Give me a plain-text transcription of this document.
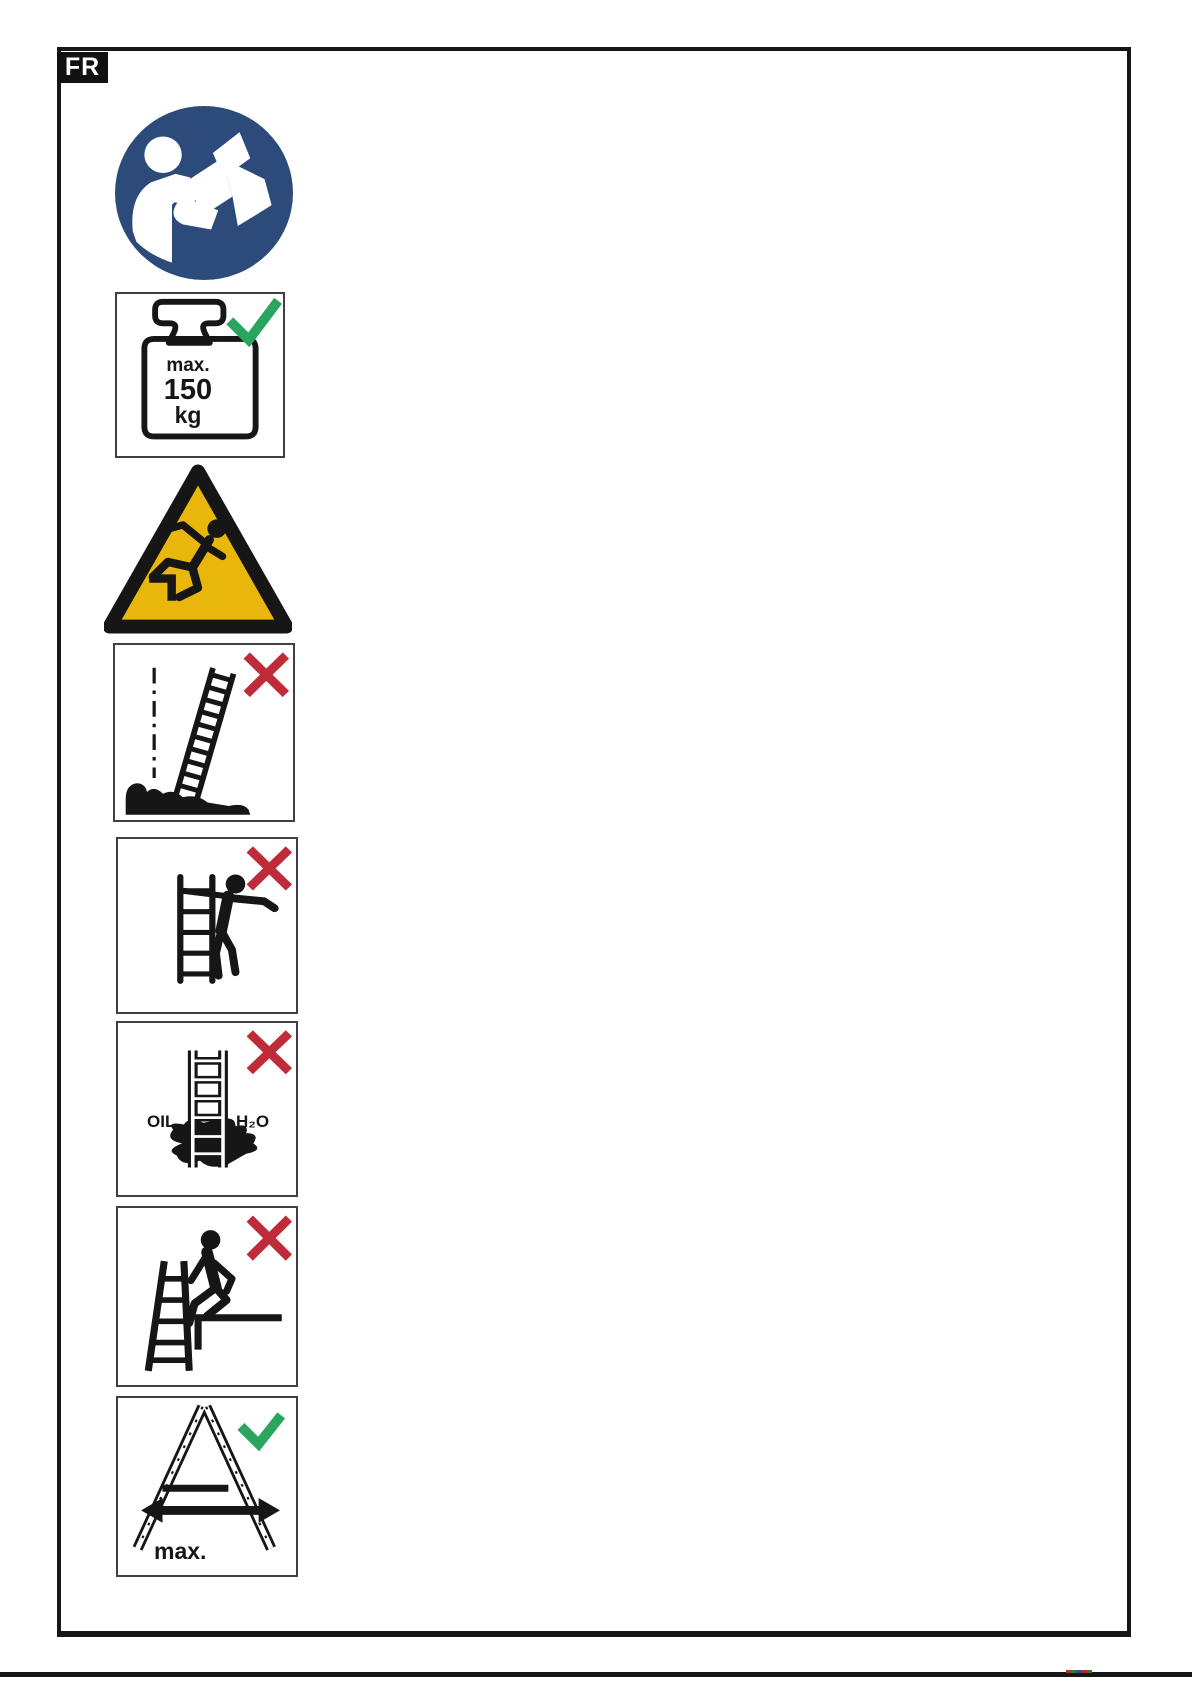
FR
max.
150
kg
OIL	H₂O
max.
